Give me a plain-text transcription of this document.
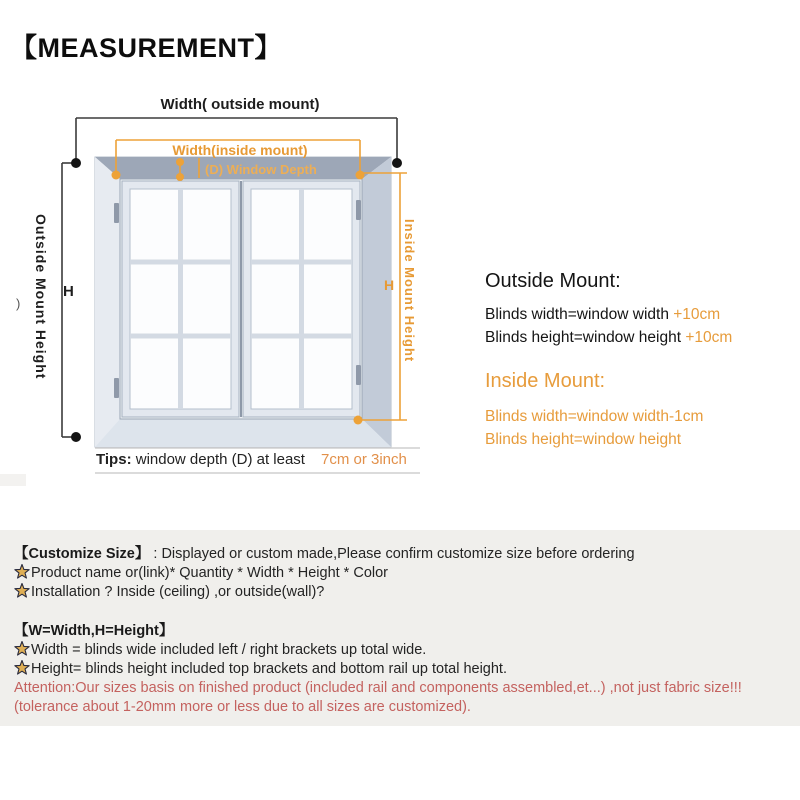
【MEASUREMENT】
Width( outside mount)
Width(inside mount)
(D) Window Depth
Outside Mount Height	Inside Mount Height
H	H
)
Tips: window depth (D) at least 7cm or 3inch
Outside Mount:
Blinds width=window width +10cm
Blinds height=window height +10cm
Inside Mount:
Blinds width=window width-1cm
Blinds height=window height
【Customize Size】 : Displayed or custom made,Please confirm customize size before ordering
Product name or(link)* Quantity * Width * Height * Color
Installation ? Inside (ceiling) ,or outside(wall)?
【W=Width,H=Height】
Width = blinds wide included left / right brackets up total wide.
Height= blinds height included top brackets and bottom rail up total height.
Attention:Our sizes basis on finished product (included rail and components assembled,et...) ,not just fabric size!!!
(tolerance about 1-20mm more or less due to all sizes are customized).
